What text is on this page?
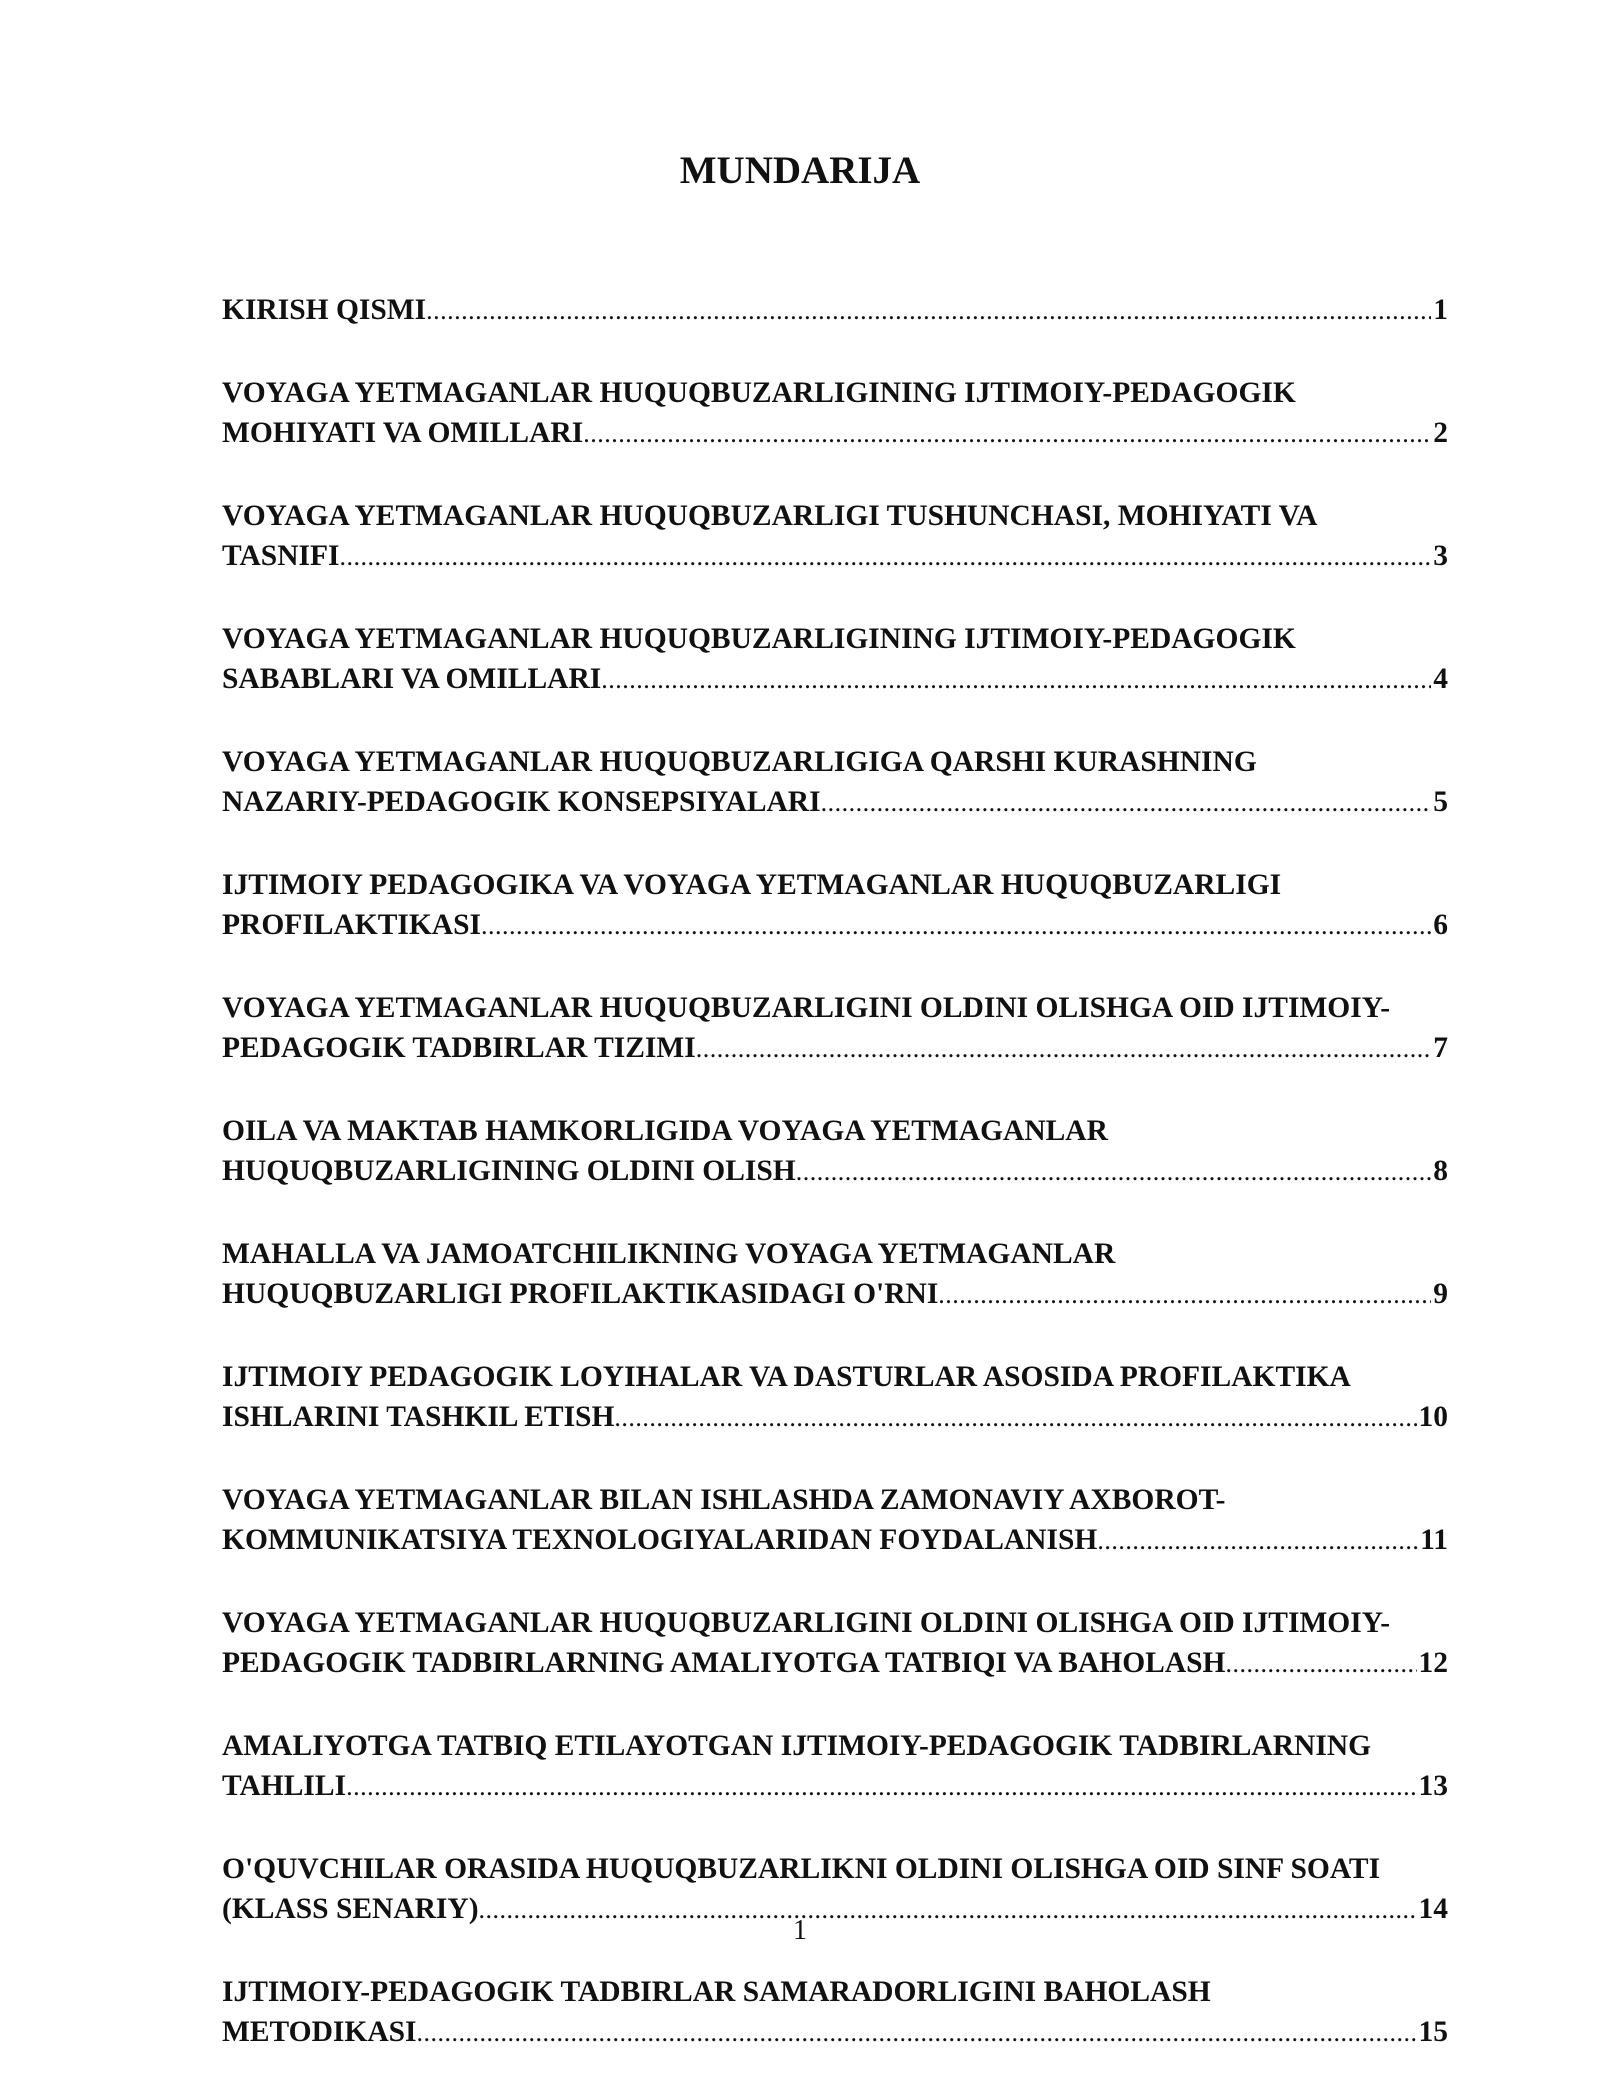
MUNDARIJA
KIRISH QISMI .....	1
VOYAGA YETMAGANLAR HUQUQBUZARLIGINING IJTIMOIY-PEDAGOGIK
MOHIYATI VA OMILLARI .....	2
VOYAGA YETMAGANLAR HUQUQBUZARLIGI TUSHUNCHASI, MOHIYATI VA
TASNIFI .....	3
VOYAGA YETMAGANLAR HUQUQBUZARLIGINING IJTIMOIY-PEDAGOGIK
SABABLARI VA OMILLARI .....	4
VOYAGA YETMAGANLAR HUQUQBUZARLIGIGA QARSHI KURASHNING
NAZARIY-PEDAGOGIK KONSEPSIYALARI .....	5
IJTIMOIY PEDAGOGIKA VA VOYAGA YETMAGANLAR HUQUQBUZARLIGI
PROFILAKTIKASI .....	6
VOYAGA YETMAGANLAR HUQUQBUZARLIGINI OLDINI OLISHGA OID IJTIMOIY-
PEDAGOGIK TADBIRLAR TIZIMI .....	7
OILA VA MAKTAB HAMKORLIGIDA VOYAGA YETMAGANLAR
HUQUQBUZARLIGINING OLDINI OLISH .....	8
MAHALLA VA JAMOATCHILIKNING VOYAGA YETMAGANLAR
HUQUQBUZARLIGI PROFILAKTIKASIDAGI O'RNI .....	9
IJTIMOIY PEDAGOGIK LOYIHALAR VA DASTURLAR ASOSIDA PROFILAKTIKA
ISHLARINI TASHKIL ETISH .....	10
VOYAGA YETMAGANLAR BILAN ISHLASHDA ZAMONAVIY AXBOROT-
KOMMUNIKATSIYA TEXNOLOGIYALARIDAN FOYDALANISH .....	11
VOYAGA YETMAGANLAR HUQUQBUZARLIGINI OLDINI OLISHGA OID IJTIMOIY-
PEDAGOGIK TADBIRLARNING AMALIYOTGA TATBIQI VA BAHOLASH .....	12
AMALIYOTGA TATBIQ ETILAYOTGAN IJTIMOIY-PEDAGOGIK TADBIRLARNING
TAHLILI .....	13
O'QUVCHILAR ORASIDA HUQUQBUZARLIKNI OLDINI OLISHGA OID SINF SOATI
(KLASS SENARIY) .....	14
IJTIMOIY-PEDAGOGIK TADBIRLAR SAMARADORLIGINI BAHOLASH
METODIKASI .....	15
1
